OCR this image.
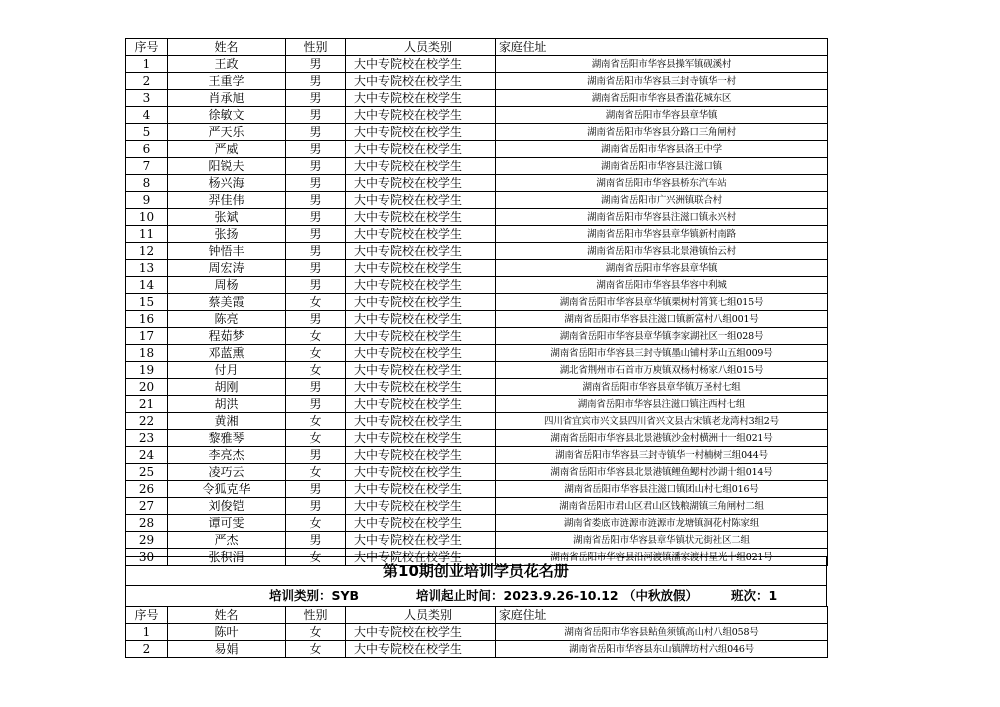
序号	姓名	性别	人员类别	家庭住址
1	王政	男	大中专院校在校学生	湖南省岳阳市华容县操军镇砚溪村
2	王重学	男	大中专院校在校学生	湖南省岳阳市华容县三封寺镇华一村
3	肖承旭	男	大中专院校在校学生	湖南省岳阳市华容县香滥花城东区
4	徐敏文	男	大中专院校在校学生	湖南省岳阳市华容县章华镇
5	严天乐	男	大中专院校在校学生	湖南省岳阳市华容县分路口三角闸村
6	严威	男	大中专院校在校学生	湖南省岳阳市华容县洛王中学
7	阳锐夫	男	大中专院校在校学生	湖南省岳阳市华容县注滋口镇
8	杨兴海	男	大中专院校在校学生	湖南省岳阳市华容县桥东汽车站
9	羿佳伟	男	大中专院校在校学生	湖南省岳阳市广兴洲镇联合村
10	张斌	男	大中专院校在校学生	湖南省岳阳市华容县注滋口镇永兴村
11	张扬	男	大中专院校在校学生	湖南省岳阳市华容县章华镇新村南路
12	钟悟丰	男	大中专院校在校学生	湖南省岳阳市华容县北景港镇怡云村
13	周宏涛	男	大中专院校在校学生	湖南省岳阳市华容县章华镇
14	周杨	男	大中专院校在校学生	湖南省岳阳市华容县华容中利城
15	蔡美霞	女	大中专院校在校学生	湖南省岳阳市华容县章华镇栗树村筲箕七组015号
16	陈亮	男	大中专院校在校学生	湖南省岳阳市华容县注滋口镇新富村八组001号
17	程茹梦	女	大中专院校在校学生	湖南省岳阳市华容县章华镇李家湖社区一组028号
18	邓蓝熏	女	大中专院校在校学生	湖南省岳阳市华容县三封寺镇墨山铺村茅山五组009号
19	付月	女	大中专院校在校学生	湖北省荆州市石首市万庾镇双杨村杨家八组015号
20	胡刚	男	大中专院校在校学生	湖南省岳阳市华容县章华镇万圣村七组
21	胡洪	男	大中专院校在校学生	湖南省岳阳市华容县注滋口镇注西村七组
22	黄湘	女	大中专院校在校学生	四川省宜宾市兴文县四川省兴文县古宋镇老龙湾村3组2号
23	黎雅琴	女	大中专院校在校学生	湖南省岳阳市华容县北景港镇沙金村横洲十一组021号
24	李亮杰	男	大中专院校在校学生	湖南省岳阳市华容县三封寺镇华一村楠树三组044号
25	凌巧云	女	大中专院校在校学生	湖南省岳阳市华容县北景港镇鲤鱼鳃村沙湖十组014号
26	令狐克华	男	大中专院校在校学生	湖南省岳阳市华容县注滋口镇团山村七组016号
27	刘俊铠	男	大中专院校在校学生	湖南省岳阳市君山区君山区钱粮湖镇三角闸村二组
28	谭可雯	女	大中专院校在校学生	湖南省娄底市涟源市涟源市龙塘镇洞花村陈家组
29	严杰	男	大中专院校在校学生	湖南省岳阳市华容县章华镇状元街社区二组
30	张积涓	女	大中专院校在校学生	湖南省岳阳市华容县沿河渡镇潘家渡村星光十组021号
第10期创业培训学员花名册
培训类别：SYB	培训起止时间：2023.9.26-10.12 （中秋放假）	班次：1
序号	姓名	性别	人员类别	家庭住址
1	陈叶	女	大中专院校在校学生	湖南省岳阳市华容县鲇鱼须镇高山村八组058号
2	易娟	女	大中专院校在校学生	湖南省岳阳市华容县东山镇牌坊村六组046号
